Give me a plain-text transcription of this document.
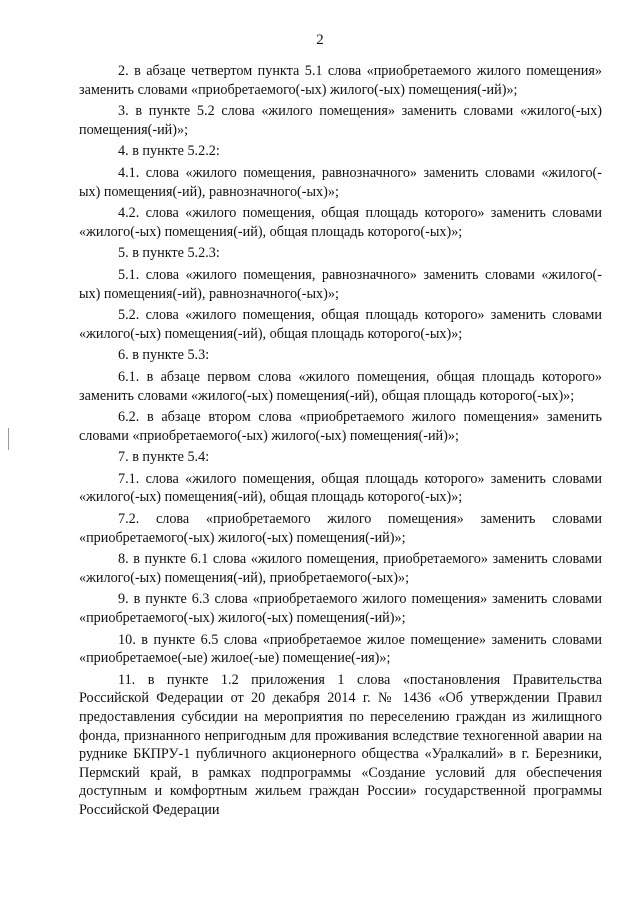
2

2. в абзаце четвертом пункта 5.1 слова «приобретаемого жилого помещения» заменить словами «приобретаемого(-ых) жилого(-ых) помещения(-ий)»;

3. в пункте 5.2 слова «жилого помещения» заменить словами «жилого(-ых) помещения(-ий)»;

4. в пункте 5.2.2:

4.1. слова «жилого помещения, равнозначного» заменить словами «жилого(-ых) помещения(-ий), равнозначного(-ых)»;

4.2. слова «жилого помещения, общая площадь которого» заменить словами «жилого(-ых) помещения(-ий), общая площадь которого(-ых)»;

5. в пункте 5.2.3:

5.1. слова «жилого помещения, равнозначного» заменить словами «жилого(-ых) помещения(-ий), равнозначного(-ых)»;

5.2. слова «жилого помещения, общая площадь которого» заменить словами «жилого(-ых) помещения(-ий), общая площадь которого(-ых)»;

6. в пункте 5.3:

6.1. в абзаце первом слова «жилого помещения, общая площадь которого» заменить словами «жилого(-ых) помещения(-ий), общая площадь которого(-ых)»;

6.2. в абзаце втором слова «приобретаемого жилого помещения» заменить словами «приобретаемого(-ых) жилого(-ых) помещения(-ий)»;

7. в пункте 5.4:

7.1. слова «жилого помещения, общая площадь которого» заменить словами «жилого(-ых) помещения(-ий), общая площадь которого(-ых)»;

7.2. слова «приобретаемого жилого помещения» заменить словами «приобретаемого(-ых) жилого(-ых) помещения(-ий)»;

8. в пункте 6.1 слова «жилого помещения, приобретаемого» заменить словами «жилого(-ых) помещения(-ий), приобретаемого(-ых)»;

9. в пункте 6.3 слова «приобретаемого жилого помещения» заменить словами «приобретаемого(-ых) жилого(-ых) помещения(-ий)»;

10. в пункте 6.5 слова «приобретаемое жилое помещение» заменить словами «приобретаемое(-ые) жилое(-ые) помещение(-ия)»;

11. в пункте 1.2 приложения 1 слова «постановления Правительства Российской Федерации от 20 декабря 2014 г. № 1436 «Об утверждении Правил предоставления субсидии на мероприятия по переселению граждан из жилищного фонда, признанного непригодным для проживания вследствие техногенной аварии на руднике БКПРУ-1 публичного акционерного общества «Уралкалий» в г. Березники, Пермский край, в рамках подпрограммы «Создание условий для обеспечения доступным и комфортным жильем граждан России» государственной программы Российской Федерации
